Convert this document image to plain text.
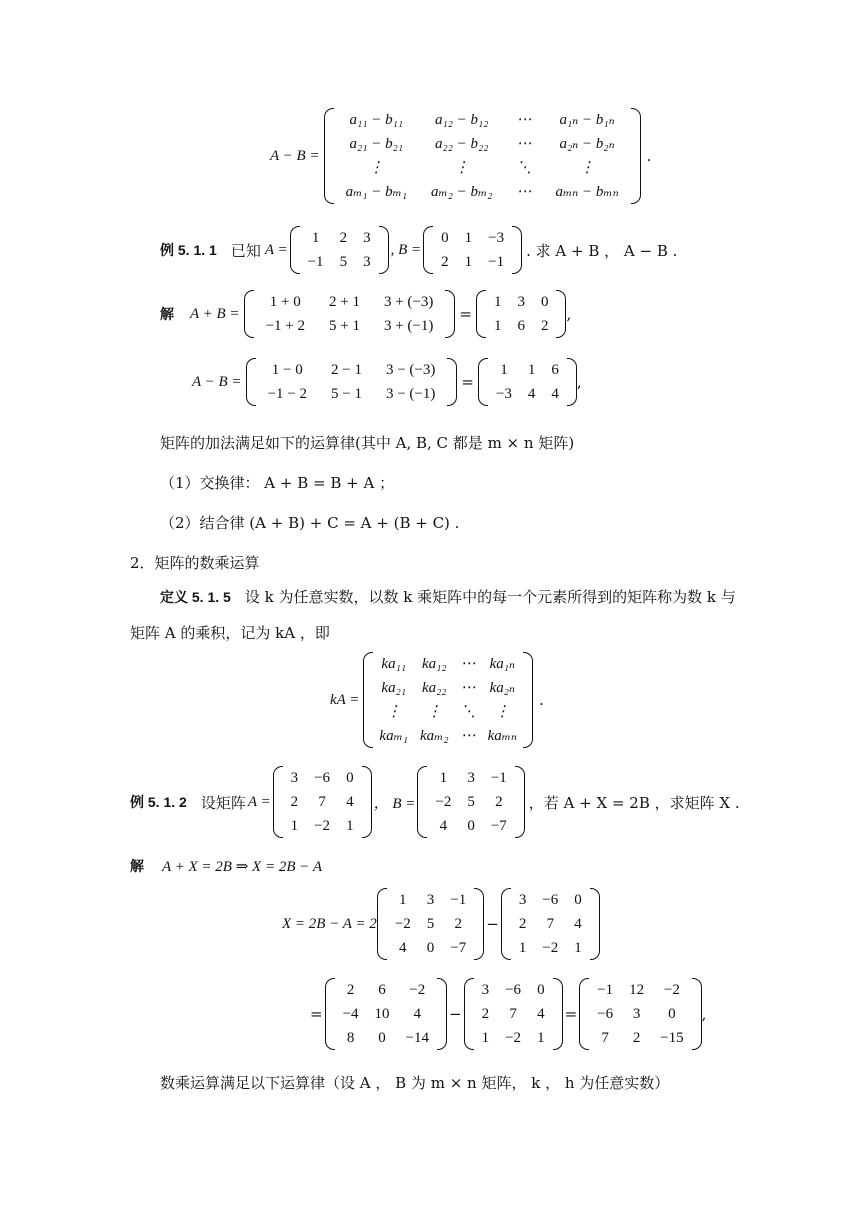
A − B =
a₁₁ − b₁₁	a₁₂ − b₁₂	⋯	a₁ₙ − b₁ₙ
a₂₁ − b₂₁	a₂₂ − b₂₂	⋯	a₂ₙ − b₂ₙ
⋮	⋮	⋱	⋮
aₘ₁ − bₘ₁	aₘ₂ − bₘ₂	⋯	aₘₙ − bₘₙ
.
例 5. 1. 1 已知 A =
1	2	3
−1	5	3
, B =
0	1	−3
2	1	−1
. 求 A + B ， A − B .
解 A + B =
1 + 0	2 + 1	3 + (−3)
−1 + 2	5 + 1	3 + (−1)
=
1	3	0
1	6	2
,
A − B =
1 − 0	2 − 1	3 − (−3)
−1 − 2	5 − 1	3 − (−1)
=
1	1	6
−3	4	4
,
矩阵的加法满足如下的运算律(其中 A, B, C 都是 m × n 矩阵)
（1）交换律： A + B = B + A ；
（2）结合律 (A + B) + C = A + (B + C) .
2．矩阵的数乘运算
定义 5. 1. 5 设 k 为任意实数，以数 k 乘矩阵中的每一个元素所得到的矩阵称为数 k 与
矩阵 A 的乘积，记为 kA ，即
kA =
ka₁₁	ka₁₂	⋯	ka₁ₙ
ka₂₁	ka₂₂	⋯	ka₂ₙ
⋮	⋮	⋱	⋮
kaₘ₁	kaₘ₂	⋯	kaₘₙ
.
例 5. 1. 2 设矩阵 A =
3	−6	0
2	7	4
1	−2	1
， B =
1	3	−1
−2	5	2
4	0	−7
，若 A + X = 2B ，求矩阵 X .
解 A + X = 2B ⇒ X = 2B − A
X = 2B − A = 2
1	3	−1
−2	5	2
4	0	−7
−
3	−6	0
2	7	4
1	−2	1
=
2	6	−2
−4	10	4
8	0	−14
−
3	−6	0
2	7	4
1	−2	1
=
−1	12	−2
−6	3	0
7	2	−15
,
数乘运算满足以下运算律（设 A ， B 为 m × n 矩阵， k ， h 为任意实数）
